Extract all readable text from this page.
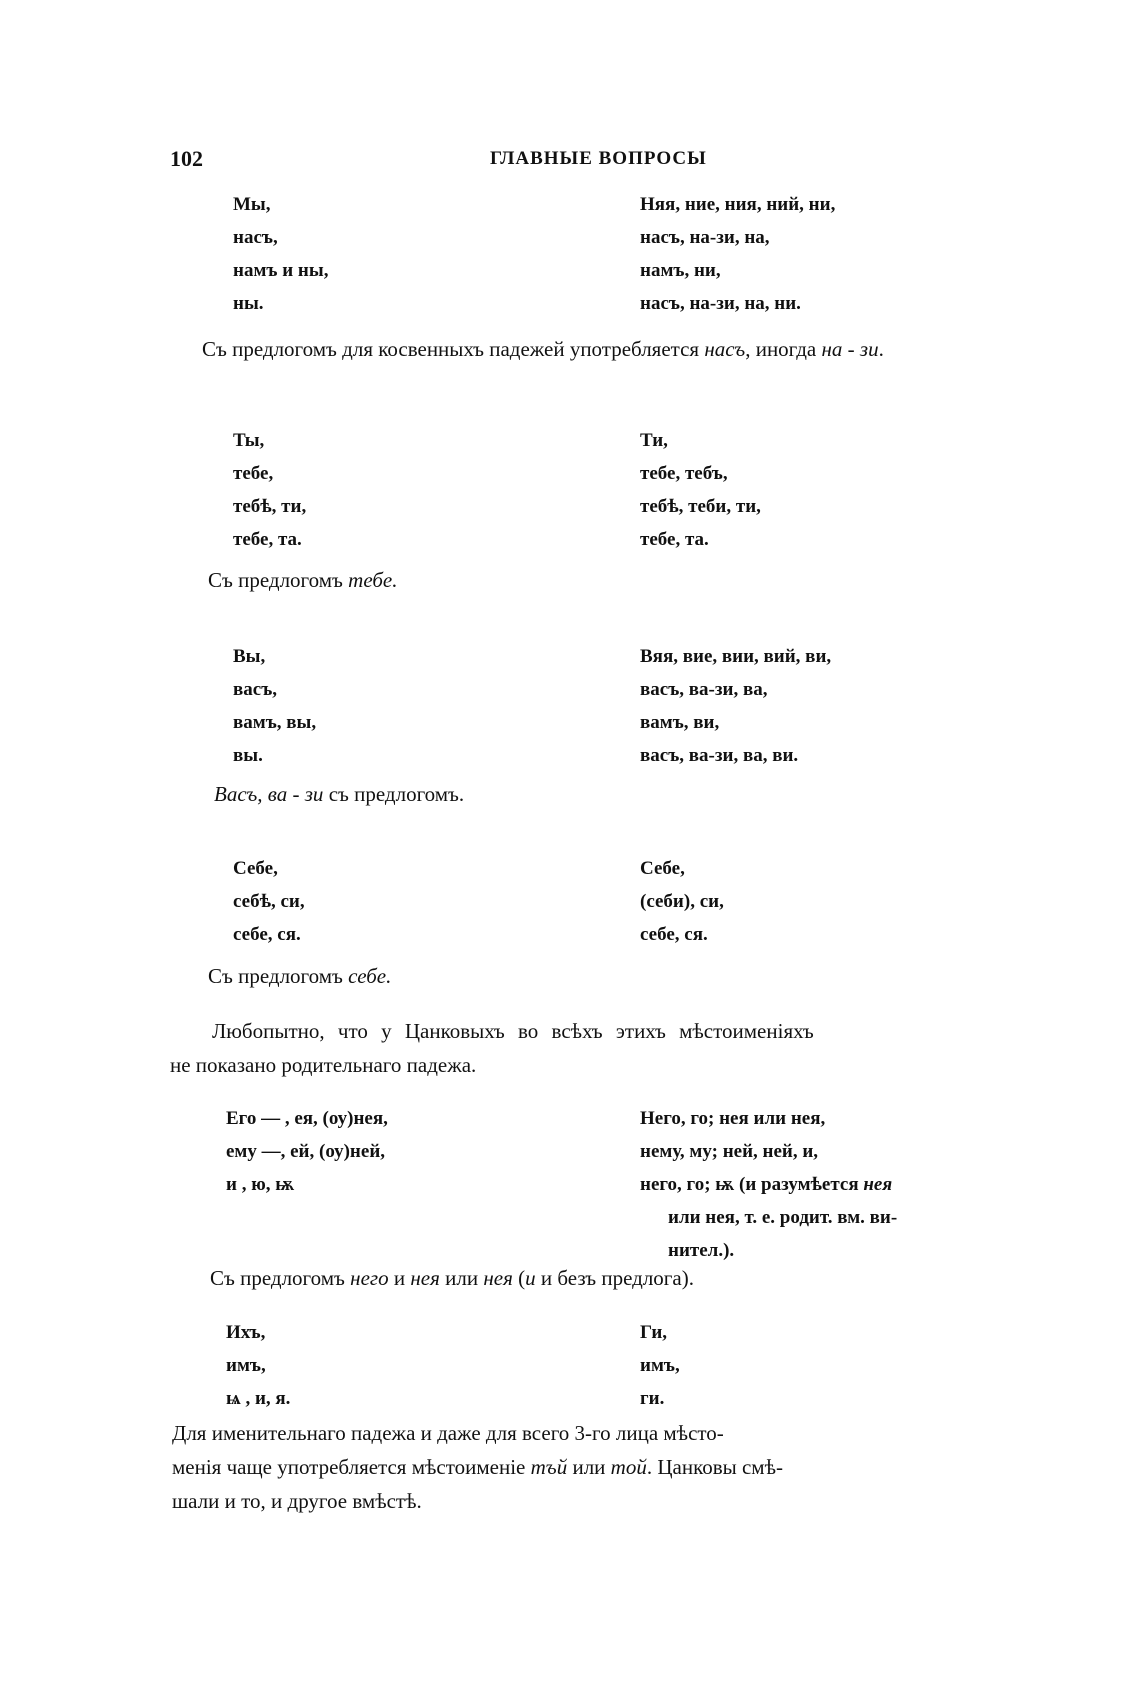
102	ГЛАВНЫЕ ВОПРОСЫ
Мы,
насъ,
намъ и ны,
ны.
Няя, ние, ния, ний, ни,
насъ, на-зи, на,
намъ, ни,
насъ, на-зи, на, ни.
Съ предлогомъ для косвенныхъ падежей употребляется насъ, иногда на - зи.
Ты,
тебе,
тебѣ, ти,
тебе, та.
Ти,
тебе, тебъ,
тебѣ, теби, ти,
тебе, та.
Съ предлогомъ тебе.
Вы,
васъ,
вамъ, вы,
вы.
Вяя, вие, вии, вий, ви,
васъ, ва-зи, ва,
вамъ, ви,
васъ, ва-зи, ва, ви.
Васъ, ва - зи съ предлогомъ.
Себе,
себѣ, си,
себе, ся.
Себе,
(себи), си,
себе, ся.
Съ предлогомъ себе.
Любопытно, что у Цанковыхъ во всѣхъ этихъ мѣстоименіяхъ
не показано родительнаго падежа.
Его — , ея, (оу)нея,
ему —, ей, (оу)ней,
и , ю, ѭ
Него, го; нея или нея,
нему, му; ней, ней, и,
него, го; ѭ (и разумѣется нея
или нея, т. е. родит. вм. ви-
нител.).
Съ предлогомъ него и нея или нея (и и безъ предлога).
Ихъ,
имъ,
ѩ , и, я.
Ги,
имъ,
ги.
Для именительнаго падежа и даже для всего 3-го лица мѣсто-
менія чаще употребляется мѣстоименіе тъй или той. Цанковы смѣ-
шали и то, и другое вмѣстѣ.
